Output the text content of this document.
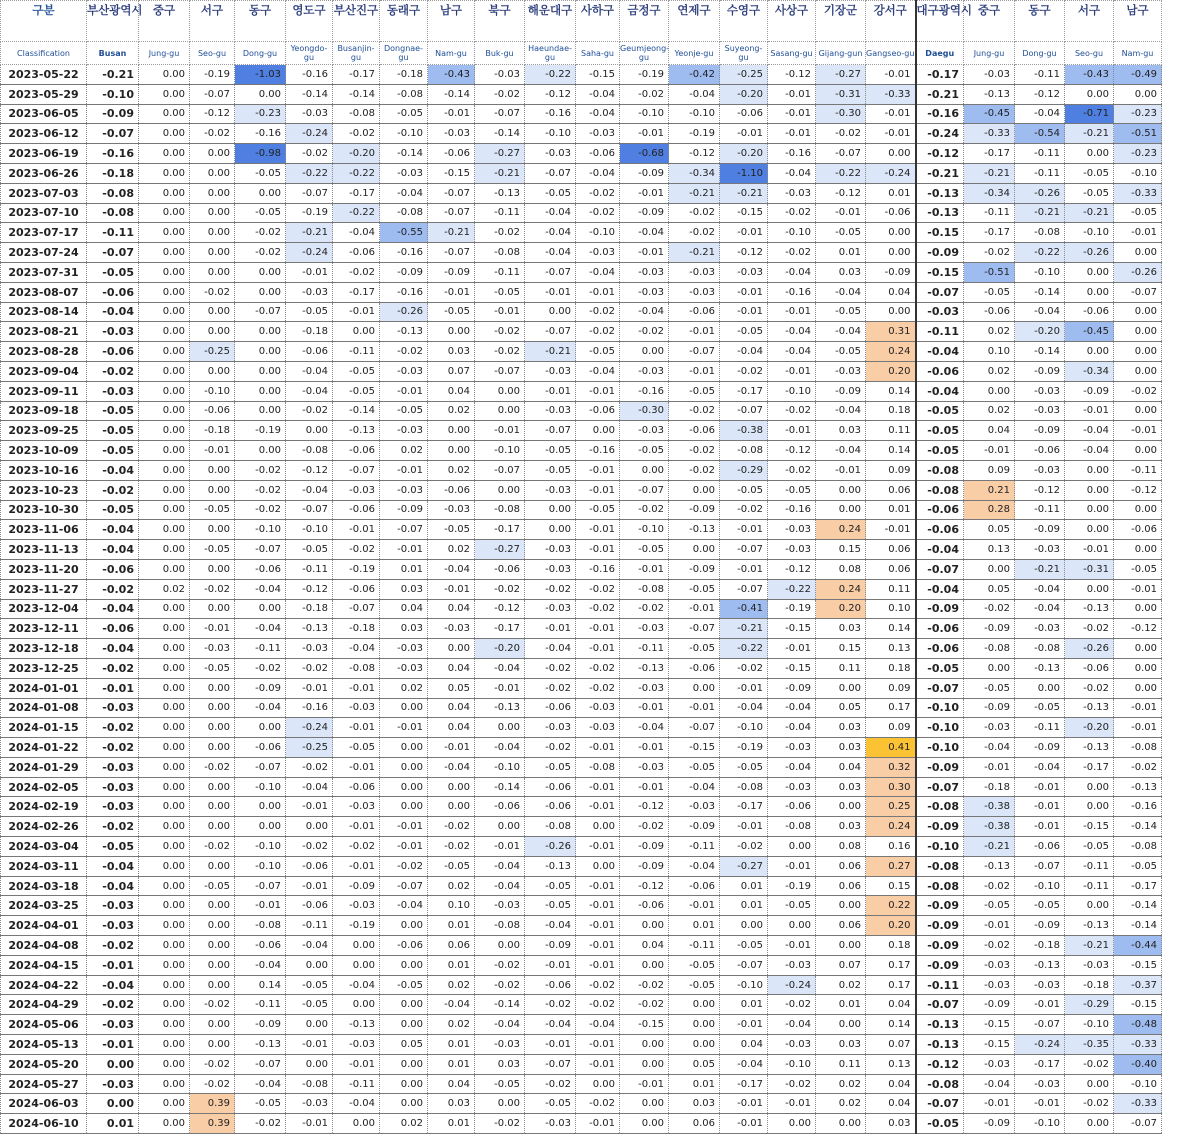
구분	부산광역시	중구	서구	동구	영도구	부산진구	동래구	남구	북구	해운대구	사하구	금정구	연제구	수영구	사상구	기장군	강서구	대구광역시	중구	동구	서구	남구
Classification	Busan	Jung-gu	Seo-gu	Dong-gu	Yeongdo-gu	Busanjin-gu	Dongnae-gu	Nam-gu	Buk-gu	Haeundae-gu	Saha-gu	Geumjeong-gu	Yeonje-gu	Suyeong-gu	Sasang-gu	Gijang-gun	Gangseo-gu	Daegu	Jung-gu	Dong-gu	Seo-gu	Nam-gu
2023-05-22	-0.21	0.00	-0.19	-1.03	-0.16	-0.17	-0.18	-0.43	-0.03	-0.22	-0.15	-0.19	-0.42	-0.25	-0.12	-0.27	-0.01	-0.17	-0.03	-0.11	-0.43	-0.49
2023-05-29	-0.10	0.00	-0.07	0.00	-0.14	-0.14	-0.08	-0.14	-0.02	-0.12	-0.04	-0.02	-0.04	-0.20	-0.01	-0.31	-0.33	-0.21	-0.13	-0.12	0.00	0.00
2023-06-05	-0.09	0.00	-0.12	-0.23	-0.03	-0.08	-0.05	-0.01	-0.07	-0.16	-0.04	-0.10	-0.10	-0.06	-0.01	-0.30	-0.01	-0.16	-0.45	-0.04	-0.71	-0.23
2023-06-12	-0.07	0.00	-0.02	-0.16	-0.24	-0.02	-0.10	-0.03	-0.14	-0.10	-0.03	-0.01	-0.19	-0.01	-0.01	-0.02	-0.01	-0.24	-0.33	-0.54	-0.21	-0.51
2023-06-19	-0.16	0.00	0.00	-0.98	-0.02	-0.20	-0.14	-0.06	-0.27	-0.03	-0.06	-0.68	-0.12	-0.20	-0.16	-0.07	0.00	-0.12	-0.17	-0.11	0.00	-0.23
2023-06-26	-0.18	0.00	0.00	-0.05	-0.22	-0.22	-0.03	-0.15	-0.21	-0.07	-0.04	-0.09	-0.34	-1.10	-0.04	-0.22	-0.24	-0.21	-0.21	-0.11	-0.05	-0.10
2023-07-03	-0.08	0.00	0.00	0.00	-0.07	-0.17	-0.04	-0.07	-0.13	-0.05	-0.02	-0.01	-0.21	-0.21	-0.03	-0.12	0.01	-0.13	-0.34	-0.26	-0.05	-0.33
2023-07-10	-0.08	0.00	0.00	-0.05	-0.19	-0.22	-0.08	-0.07	-0.11	-0.04	-0.02	-0.09	-0.02	-0.15	-0.02	-0.01	-0.06	-0.13	-0.11	-0.21	-0.21	-0.05
2023-07-17	-0.11	0.00	0.00	-0.02	-0.21	-0.04	-0.55	-0.21	-0.02	-0.04	-0.10	-0.04	-0.02	-0.01	-0.10	-0.05	0.00	-0.15	-0.17	-0.08	-0.10	-0.01
2023-07-24	-0.07	0.00	0.00	-0.02	-0.24	-0.06	-0.16	-0.07	-0.08	-0.04	-0.03	-0.01	-0.21	-0.12	-0.02	0.01	0.00	-0.09	-0.02	-0.22	-0.26	0.00
2023-07-31	-0.05	0.00	0.00	0.00	-0.01	-0.02	-0.09	-0.09	-0.11	-0.07	-0.04	-0.03	-0.03	-0.03	-0.04	0.03	-0.09	-0.15	-0.51	-0.10	0.00	-0.26
2023-08-07	-0.06	0.00	-0.02	0.00	-0.03	-0.17	-0.16	-0.01	-0.05	-0.01	-0.01	-0.03	-0.03	-0.01	-0.16	-0.04	0.04	-0.07	-0.05	-0.14	0.00	-0.07
2023-08-14	-0.04	0.00	0.00	-0.07	-0.05	-0.01	-0.26	-0.05	-0.01	0.00	-0.02	-0.04	-0.06	-0.01	-0.01	-0.05	0.00	-0.03	-0.06	-0.04	-0.06	0.00
2023-08-21	-0.03	0.00	0.00	0.00	-0.18	0.00	-0.13	0.00	-0.02	-0.07	-0.02	-0.02	-0.01	-0.05	-0.04	-0.04	0.31	-0.11	0.02	-0.20	-0.45	0.00
2023-08-28	-0.06	0.00	-0.25	0.00	-0.06	-0.11	-0.02	0.03	-0.02	-0.21	-0.05	0.00	-0.07	-0.04	-0.04	-0.05	0.24	-0.04	0.10	-0.14	0.00	0.00
2023-09-04	-0.02	0.00	0.00	0.00	-0.04	-0.05	-0.03	0.07	-0.07	-0.03	-0.04	-0.03	-0.01	-0.02	-0.01	-0.03	0.20	-0.06	0.02	-0.09	-0.34	0.00
2023-09-11	-0.03	0.00	-0.10	0.00	-0.04	-0.05	-0.01	0.04	0.00	-0.01	-0.01	-0.16	-0.05	-0.17	-0.10	-0.09	0.14	-0.04	0.00	-0.03	-0.09	-0.02
2023-09-18	-0.05	0.00	-0.06	0.00	-0.02	-0.14	-0.05	0.02	0.00	-0.03	-0.06	-0.30	-0.02	-0.07	-0.02	-0.04	0.18	-0.05	0.02	-0.03	-0.01	0.00
2023-09-25	-0.05	0.00	-0.18	-0.19	0.00	-0.13	-0.03	0.00	-0.01	-0.07	0.00	-0.03	-0.06	-0.38	-0.01	0.03	0.11	-0.05	0.04	-0.09	-0.04	-0.01
2023-10-09	-0.05	0.00	-0.01	0.00	-0.08	-0.06	0.02	0.00	-0.10	-0.05	-0.16	-0.05	-0.02	-0.08	-0.12	-0.04	0.14	-0.05	-0.01	-0.06	-0.04	0.00
2023-10-16	-0.04	0.00	0.00	-0.02	-0.12	-0.07	-0.01	0.02	-0.07	-0.05	-0.01	0.00	-0.02	-0.29	-0.02	-0.01	0.09	-0.08	0.09	-0.03	0.00	-0.11
2023-10-23	-0.02	0.00	0.00	-0.02	-0.04	-0.03	-0.03	-0.06	0.00	-0.03	-0.01	-0.07	0.00	-0.05	-0.05	0.00	0.06	-0.08	0.21	-0.12	0.00	-0.12
2023-10-30	-0.05	0.00	-0.05	-0.02	-0.07	-0.06	-0.09	-0.03	-0.08	0.00	-0.05	-0.02	-0.09	-0.02	-0.16	0.00	0.01	-0.06	0.28	-0.11	0.00	0.00
2023-11-06	-0.04	0.00	0.00	-0.10	-0.10	-0.01	-0.07	-0.05	-0.17	0.00	-0.01	-0.10	-0.13	-0.01	-0.03	0.24	-0.01	-0.06	0.05	-0.09	0.00	-0.06
2023-11-13	-0.04	0.00	-0.05	-0.07	-0.05	-0.02	-0.01	0.02	-0.27	-0.03	-0.01	-0.05	0.00	-0.07	-0.03	0.15	0.06	-0.04	0.13	-0.03	-0.01	0.00
2023-11-20	-0.06	0.00	0.00	-0.06	-0.11	-0.19	0.01	-0.04	-0.06	-0.03	-0.16	-0.01	-0.09	-0.01	-0.12	0.08	0.06	-0.07	0.00	-0.21	-0.31	-0.05
2023-11-27	-0.02	0.02	-0.02	-0.04	-0.12	-0.06	0.03	-0.01	-0.02	-0.02	-0.02	-0.08	-0.05	-0.07	-0.22	0.24	0.11	-0.04	0.05	-0.04	0.00	-0.01
2023-12-04	-0.04	0.00	0.00	0.00	-0.18	-0.07	0.04	0.04	-0.12	-0.03	-0.02	-0.02	-0.01	-0.41	-0.19	0.20	0.10	-0.09	-0.02	-0.04	-0.13	0.00
2023-12-11	-0.06	0.00	-0.01	-0.04	-0.13	-0.18	0.03	-0.03	-0.17	-0.01	-0.01	-0.03	-0.07	-0.21	-0.15	0.03	0.14	-0.06	-0.09	-0.03	-0.02	-0.12
2023-12-18	-0.04	0.00	-0.03	-0.11	-0.03	-0.04	-0.03	0.00	-0.20	-0.04	-0.01	-0.11	-0.05	-0.22	-0.01	0.15	0.13	-0.06	-0.08	-0.08	-0.26	0.00
2023-12-25	-0.02	0.00	-0.05	-0.02	-0.02	-0.08	-0.03	0.04	-0.04	-0.02	-0.02	-0.13	-0.06	-0.02	-0.15	0.11	0.18	-0.05	0.00	-0.13	-0.06	0.00
2024-01-01	-0.01	0.00	0.00	-0.09	-0.01	-0.01	0.02	0.05	-0.01	-0.02	-0.02	-0.03	0.00	-0.01	-0.09	0.00	0.09	-0.07	-0.05	0.00	-0.02	0.00
2024-01-08	-0.03	0.00	0.00	-0.04	-0.16	-0.03	0.00	0.04	-0.13	-0.06	-0.03	-0.01	-0.01	-0.04	-0.04	0.05	0.17	-0.10	-0.09	-0.05	-0.13	-0.01
2024-01-15	-0.02	0.00	0.00	0.00	-0.24	-0.01	-0.01	0.04	0.00	-0.03	-0.03	-0.04	-0.07	-0.10	-0.04	0.03	0.09	-0.10	-0.03	-0.11	-0.20	-0.01
2024-01-22	-0.02	0.00	0.00	-0.06	-0.25	-0.05	0.00	-0.01	-0.04	-0.02	-0.01	-0.01	-0.15	-0.19	-0.03	0.03	0.41	-0.10	-0.04	-0.09	-0.13	-0.08
2024-01-29	-0.03	0.00	-0.02	-0.07	-0.02	-0.01	0.00	-0.04	-0.10	-0.05	-0.08	-0.03	-0.05	-0.05	-0.04	0.04	0.32	-0.09	-0.01	-0.04	-0.17	-0.02
2024-02-05	-0.03	0.00	0.00	-0.10	-0.04	-0.06	0.00	0.00	-0.14	-0.06	-0.01	-0.01	-0.04	-0.08	-0.03	0.03	0.30	-0.07	-0.18	-0.01	0.00	-0.13
2024-02-19	-0.03	0.00	0.00	0.00	-0.01	-0.03	0.00	0.00	-0.06	-0.06	-0.01	-0.12	-0.03	-0.17	-0.06	0.00	0.25	-0.08	-0.38	-0.01	0.00	-0.16
2024-02-26	-0.02	0.00	0.00	0.00	0.00	-0.01	-0.01	-0.02	0.00	-0.08	0.00	-0.02	-0.09	-0.01	-0.08	0.03	0.24	-0.09	-0.38	-0.01	-0.15	-0.14
2024-03-04	-0.05	0.00	-0.02	-0.10	-0.02	-0.02	-0.01	-0.02	-0.01	-0.26	-0.01	-0.09	-0.11	-0.02	0.00	0.08	0.16	-0.10	-0.21	-0.06	-0.05	-0.08
2024-03-11	-0.04	0.00	0.00	-0.10	-0.06	-0.01	-0.02	-0.05	-0.04	-0.13	0.00	-0.09	-0.04	-0.27	-0.01	0.06	0.27	-0.08	-0.13	-0.07	-0.11	-0.05
2024-03-18	-0.04	0.00	-0.05	-0.07	-0.01	-0.09	-0.07	0.02	-0.04	-0.05	-0.01	-0.12	-0.06	0.01	-0.19	0.06	0.15	-0.08	-0.02	-0.10	-0.11	-0.17
2024-03-25	-0.03	0.00	0.00	-0.01	-0.06	-0.03	-0.04	0.10	-0.03	-0.05	-0.01	-0.06	-0.01	0.01	-0.05	0.00	0.22	-0.09	-0.05	-0.05	0.00	-0.14
2024-04-01	-0.03	0.00	0.00	-0.08	-0.11	-0.19	0.00	0.01	-0.08	-0.04	-0.01	0.00	0.01	0.00	0.00	0.06	0.20	-0.09	-0.01	-0.09	-0.13	-0.14
2024-04-08	-0.02	0.00	0.00	-0.06	-0.04	0.00	-0.06	0.06	0.00	-0.09	-0.01	0.04	-0.11	-0.05	-0.01	0.00	0.18	-0.09	-0.02	-0.18	-0.21	-0.44
2024-04-15	-0.01	0.00	0.00	-0.04	0.00	0.00	0.00	0.01	-0.02	-0.01	-0.01	0.00	-0.05	-0.07	-0.03	0.07	0.17	-0.09	-0.03	-0.13	-0.03	-0.15
2024-04-22	-0.04	0.00	0.00	0.14	-0.05	-0.04	-0.05	0.02	-0.02	-0.06	-0.02	-0.02	-0.05	-0.10	-0.24	0.02	0.17	-0.11	-0.03	-0.03	-0.18	-0.37
2024-04-29	-0.02	0.00	-0.02	-0.11	-0.05	0.00	0.00	-0.04	-0.14	-0.02	-0.02	-0.02	0.00	0.01	-0.02	0.01	0.04	-0.07	-0.09	-0.01	-0.29	-0.15
2024-05-06	-0.03	0.00	0.00	-0.09	0.00	-0.13	0.00	0.02	-0.04	-0.04	-0.04	-0.15	0.00	-0.01	-0.04	0.00	0.14	-0.13	-0.15	-0.07	-0.10	-0.48
2024-05-13	-0.01	0.00	0.00	-0.13	-0.01	-0.03	0.05	0.01	-0.03	-0.01	-0.01	0.00	0.00	0.04	-0.03	0.03	0.07	-0.13	-0.15	-0.24	-0.35	-0.33
2024-05-20	0.00	0.00	-0.02	-0.07	0.00	-0.01	0.00	0.01	0.03	-0.07	-0.01	0.00	0.05	-0.04	-0.10	0.11	0.13	-0.12	-0.03	-0.17	-0.02	-0.40
2024-05-27	-0.03	0.00	-0.02	-0.04	-0.08	-0.11	0.00	0.04	-0.05	-0.02	0.00	-0.01	0.01	-0.17	-0.02	0.02	0.04	-0.08	-0.04	-0.03	0.00	-0.10
2024-06-03	0.00	0.00	0.39	-0.05	-0.03	-0.04	0.00	0.03	0.00	-0.05	-0.02	0.00	0.03	-0.01	-0.01	0.02	0.04	-0.07	-0.01	-0.01	-0.02	-0.33
2024-06-10	0.01	0.00	0.39	-0.02	-0.01	0.00	0.02	0.01	-0.02	-0.03	-0.01	0.00	0.06	-0.01	0.00	0.00	0.03	-0.05	-0.09	-0.10	0.00	-0.07
